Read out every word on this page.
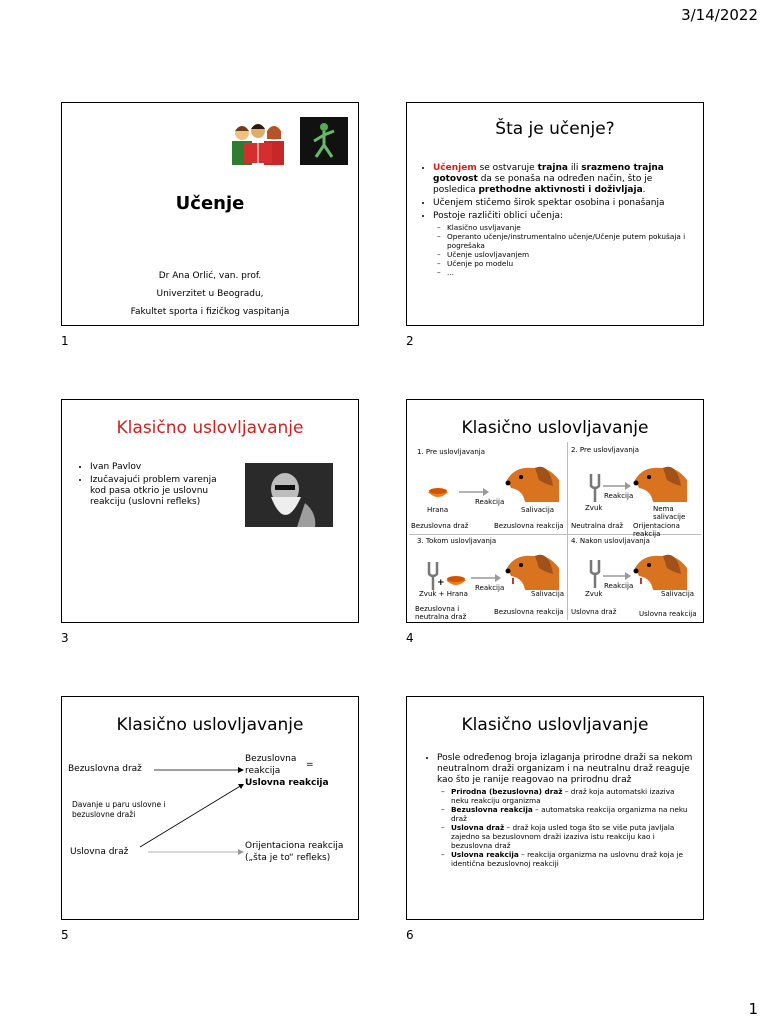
3/14/2022
Učenje
Dr Ana Orlić, van. prof.
Univerzitet u Beogradu,
Fakultet sporta i fizičkog vaspitanja
1
Šta je učenje?
• Učenjem se ostvaruje trajna ili srazmeno trajna gotovost da se ponaša na određen način, što je posledica prethodne aktivnosti i doživljaja.
• Učenjem stičemo širok spektar osobina i ponašanja
• Postoje različiti oblici učenja:
– Klasično usvljavanje
– Operanto učenje/instrumentalno učenje/Učenje putem pokušaja i pogrešaka
– Učenje uslovljavanjem
– Učenje po modelu
– ...
2
Klasično uslovljavanje
• Ivan Pavlov
• Izučavajući problem varenja kod pasa otkrio je uslovnu reakciju (uslovni refleks)
3
Klasično uslovljavanje
1. Pre uslovljavanja
Hrana
Reakcija
Salivacija
Bezuslovna draž	Bezuslovna reakcija
2. Pre uslovljavanja
Zvuk
Reakcija
Nema salivacije
Neutralna draž Orijentaciona reakcija
3. Tokom uslovljavanja
+
Zvuk + Hrana
Reakcija
Salivacija
Bezuslovna i neutralna draž
Bezuslovna reakcija
4. Nakon uslovljavanja
Zvuk
Reakcija
Salivacija
Uslovna draž	Uslovna reakcija
4
Klasično uslovljavanje
Bezuslovna draž
Bezuslovna
reakcija
=
Uslovna reakcija
Davanje u paru uslovne i bezuslovne draži
Uslovna draž
Orijentaciona reakcija
(„šta je to“ refleks)
5
Klasično uslovljavanje
• Posle određenog broja izlaganja prirodne draži sa nekom neutralnom draži organizam i na neutralnu draž reaguje kao što je ranije reagovao na prirodnu draž
– Prirodna (bezuslovna) draž – draž koja automatski izaziva neku reakciju organizma
– Bezuslovna reakcija – automatska reakcija organizma na neku draž
– Uslovna draž – draž koja usled toga što se više puta javljala zajedno sa bezuslovnom draži izaziva istu reakciju kao i bezuslovna draž
– Uslovna reakcija – reakcija organizma na uslovnu draž koja je identična bezuslovnoj reakciji
6
1
